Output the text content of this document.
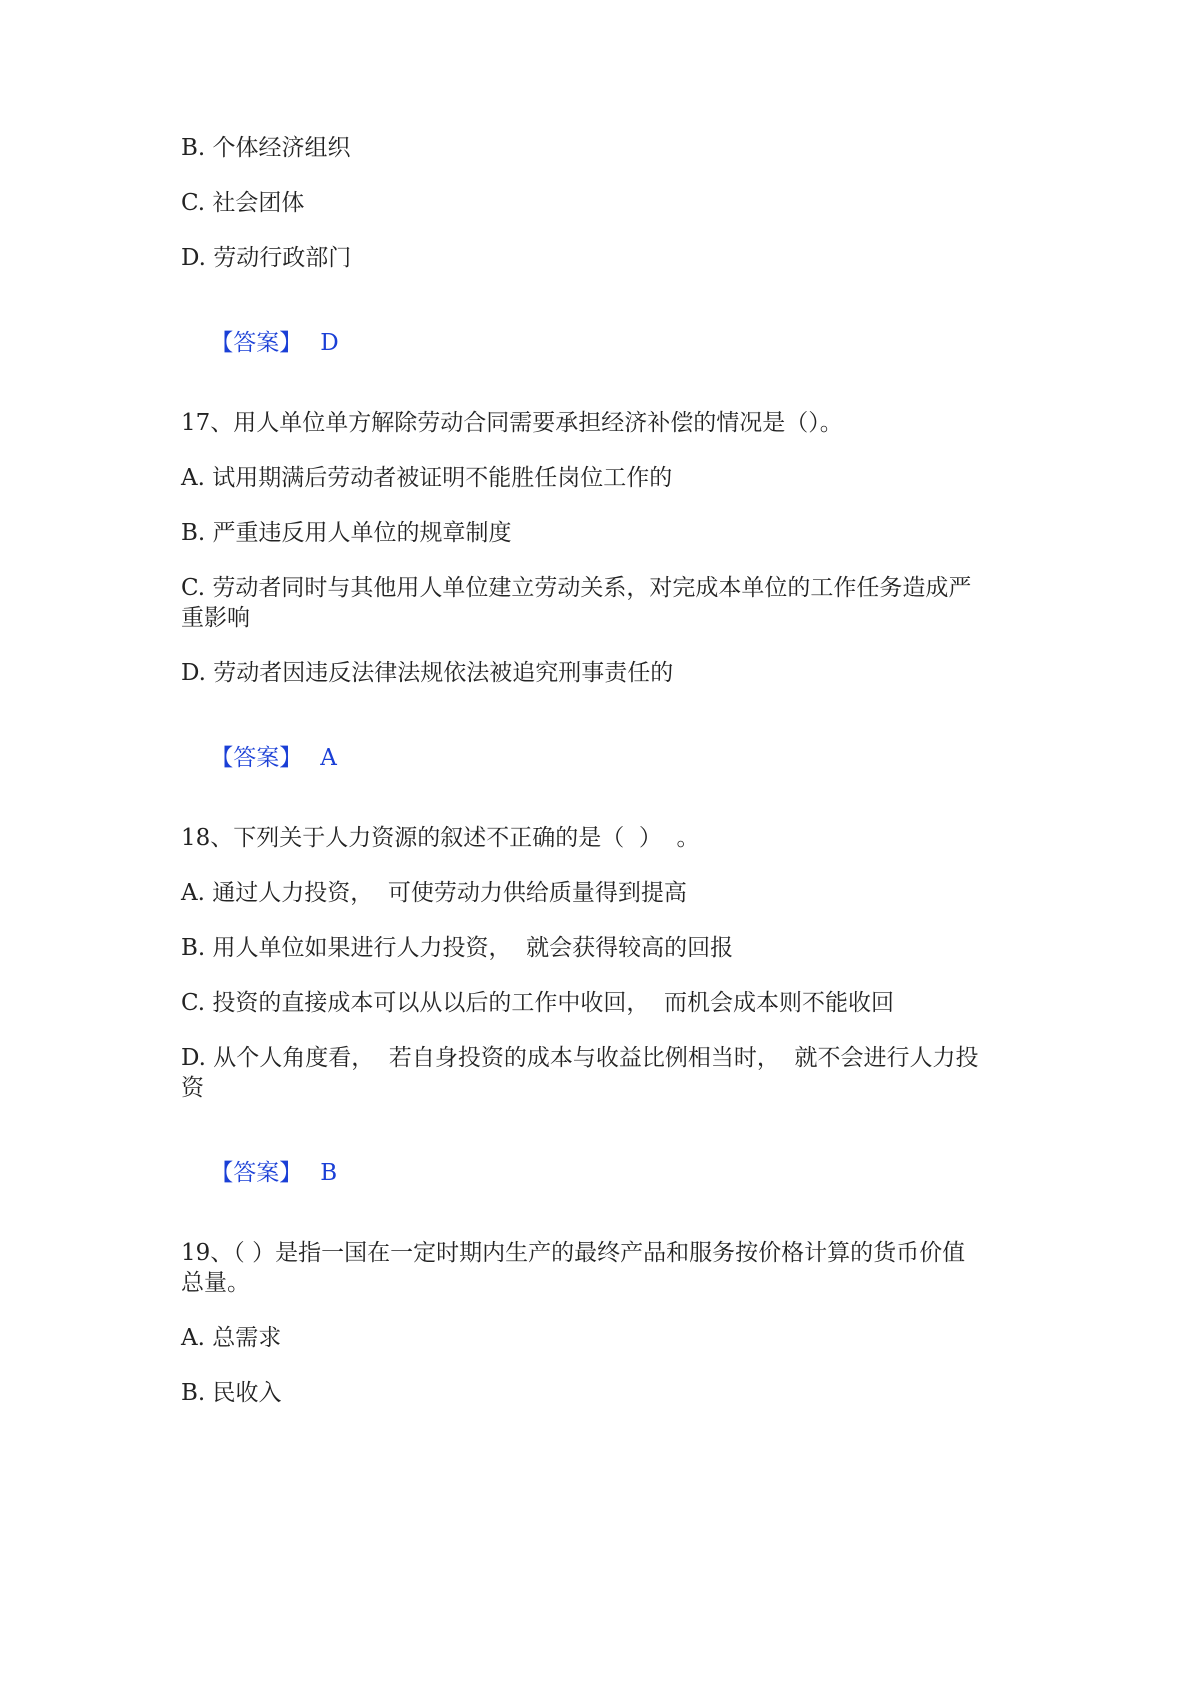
B. 个体经济组织
C. 社会团体
D. 劳动行政部门

【答案】 D

17、用人单位单方解除劳动合同需要承担经济补偿的情况是（）。
A. 试用期满后劳动者被证明不能胜任岗位工作的
B. 严重违反用人单位的规章制度
C. 劳动者同时与其他用人单位建立劳动关系，对完成本单位的工作任务造成严
重影响
D. 劳动者因违反法律法规依法被追究刑事责任的

【答案】 A

18、下列关于人力资源的叙述不正确的是（  ）  。
A. 通过人力投资，  可使劳动力供给质量得到提高
B. 用人单位如果进行人力投资，  就会获得较高的回报
C. 投资的直接成本可以从以后的工作中收回，  而机会成本则不能收回
D. 从个人角度看，  若自身投资的成本与收益比例相当时，  就不会进行人力投
资

【答案】 B

19、（ ）是指一国在一定时期内生产的最终产品和服务按价格计算的货币价值
总量。
A. 总需求
B. 民收入
